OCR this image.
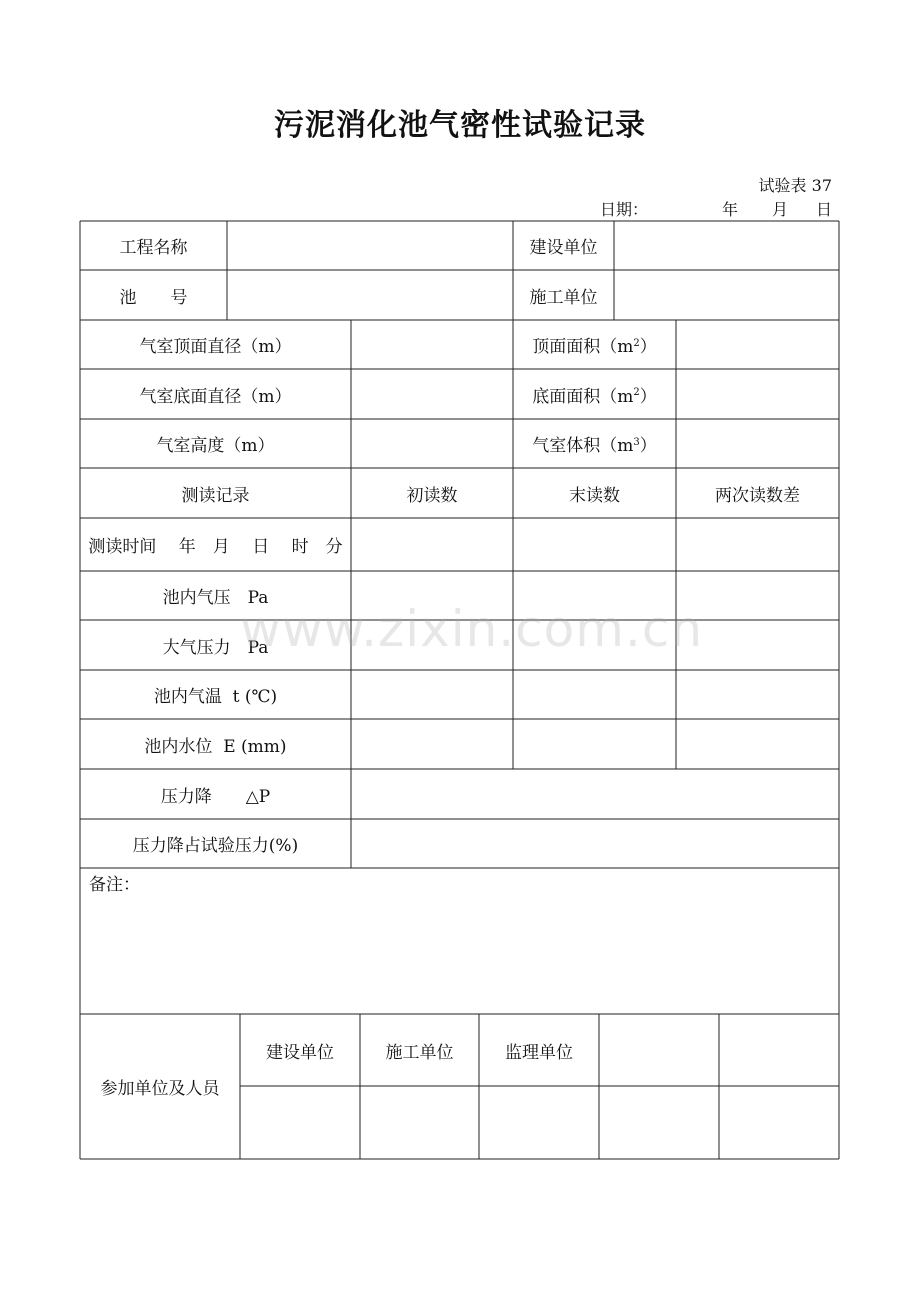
污泥消化池气密性试验记录
试验表 37
日期：	年 月 日
工程名称	建设单位
池　　号	施工单位
气室顶面直径（m）	顶面面积（$m^2$ ）
气室底面直径（m）	底面面积（$m^2$ ）
气室高度（m）	气室体积（$m^3$ ）
测读记录	初读数	末读数	两次读数差
测读时间　 年　月　 日　 时　分
池内气压　Pa
大气压力　Pa
池内气温  t (℃)
池内水位  E (mm)
压力降　　△P
压力降占试验压力(%)
备注：
参加单位及人员
建设单位	施工单位	监理单位
www.zixin.com.cn
